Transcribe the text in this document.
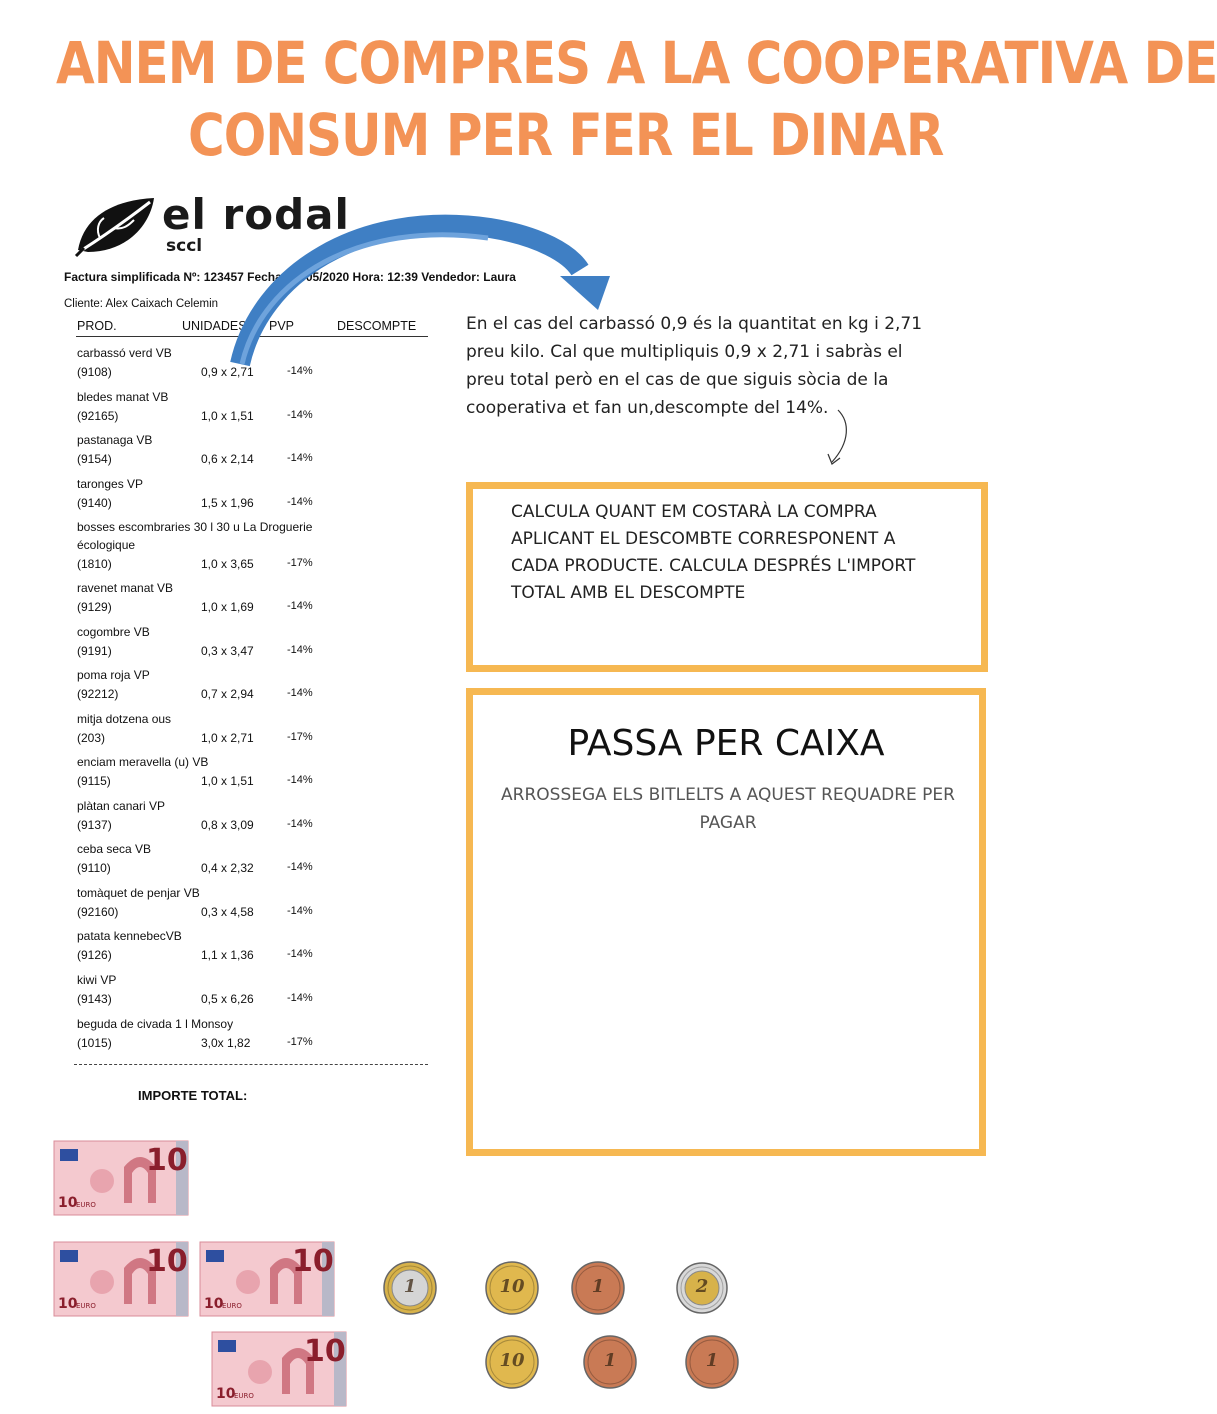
ANEM DE COMPRES A LA COOPERATIVA DE
CONSUM PER FER EL DINAR
el rodal
sccl
Factura simplificada Nº: 123457 Fecha: 16/05/2020 Hora: 12:39 Vendedor: Laura
Cliente: Alex Caixach Celemin
PROD.	UNIDADES PVP	DESCOMPTE
carbassó verd VB
(9108)	0,9 x 2,71	-14%
bledes manat VB
(92165)	1,0 x 1,51	-14%
pastanaga VB
(9154)	0,6 x 2,14	-14%
taronges VP
(9140)	1,5 x 1,96	-14%
bosses escombraries 30 l 30 u La Droguerie
écologique
(1810)	1,0 x 3,65	-17%
ravenet manat VB
(9129)	1,0 x 1,69	-14%
cogombre VB
(9191)	0,3 x 3,47	-14%
poma roja VP
(92212)	0,7 x 2,94	-14%
mitja dotzena ous
(203)	1,0 x 2,71	-17%
enciam meravella (u) VB
(9115)	1,0 x 1,51	-14%
plàtan canari VP
(9137)	0,8 x 3,09	-14%
ceba seca VB
(9110)	0,4 x 2,32	-14%
tomàquet de penjar VB
(92160)	0,3 x 4,58	-14%
patata kennebecVB
(9126)	1,1 x 1,36	-14%
kiwi VP
(9143)	0,5 x 6,26	-14%
beguda de civada 1 l Monsoy
(1015)	3,0x 1,82	-17%
IMPORTE TOTAL:
En el cas del carbassó 0,9 és la quantitat en kg i 2,71 preu kilo. Cal que multipliquis 0,9 x 2,71 i sabràs el preu total però en el cas de que siguis sòcia de la cooperativa et fan un,descompte del 14%.
CALCULA QUANT EM COSTARÀ LA COMPRA APLICANT EL DESCOMBTE CORRESPONENT A CADA PRODUCTE. CALCULA DESPRÉS L'IMPORT TOTAL AMB EL DESCOMPTE
PASSA PER CAIXA
ARROSSEGA ELS BITLELTS A AQUEST REQUADRE PER PAGAR
10
10
EURO
10
10
EURO
10
10
EURO
10
10
EURO
1	10	1	2
10	1	1
